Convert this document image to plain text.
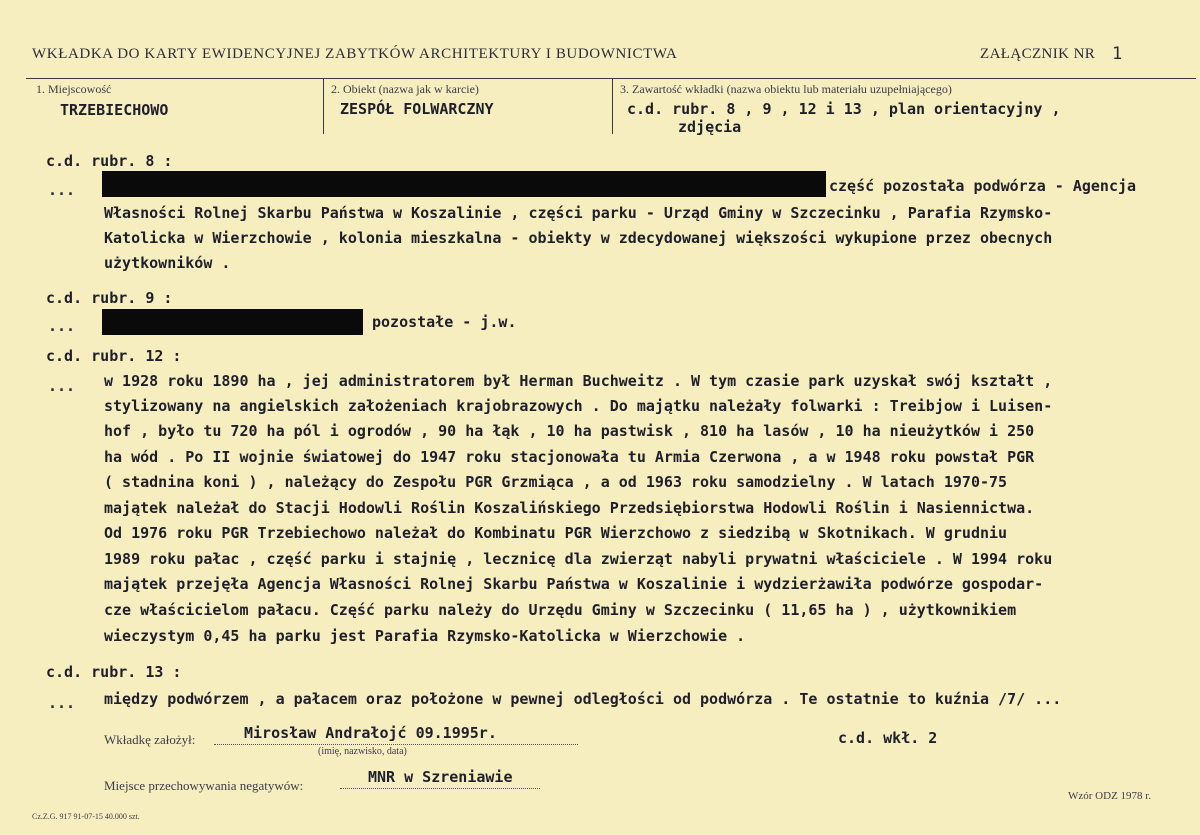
WKŁADKA DO KARTY EWIDENCYJNEJ ZABYTKÓW ARCHITEKTURY I BUDOWNICTWA	ZAŁĄCZNIK NR 1
1. Miejscowość
TRZEBIECHOWO
2. Obiekt (nazwa jak w karcie)
ZESPÓŁ FOLWARCZNY
3. Zawartość wkładki (nazwa obiektu lub materiału uzupełniającego)
c.d. rubr. 8 , 9 , 12 i 13 , plan orientacyjny ,
zdjęcia
c.d. rubr. 8 :
...	część pozostała podwórza - Agencja
Własności Rolnej Skarbu Państwa w Koszalinie , części parku - Urząd Gminy w Szczecinku , Parafia Rzymsko-
Katolicka w Wierzchowie , kolonia mieszkalna - obiekty w zdecydowanej większości wykupione przez obecnych
użytkowników .
c.d. rubr. 9 :
...	pozostałe - j.w.
c.d. rubr. 12 :
... w 1928 roku 1890 ha , jej administratorem był Herman Buchweitz . W tym czasie park uzyskał swój kształt ,
stylizowany na angielskich założeniach krajobrazowych . Do majątku należały folwarki : Treibjow i Luisen-
hof , było tu 720 ha pól i ogrodów , 90 ha łąk , 10 ha pastwisk , 810 ha lasów , 10 ha nieużytków i 250
ha wód . Po II wojnie światowej do 1947 roku stacjonowała tu Armia Czerwona , a w 1948 roku powstał PGR
( stadnina koni ) , należący do Zespołu PGR Grzmiąca , a od 1963 roku samodzielny . W latach 1970-75
majątek należał do Stacji Hodowli Roślin Koszalińskiego Przedsiębiorstwa Hodowli Roślin i Nasiennictwa.
Od 1976 roku PGR Trzebiechowo należał do Kombinatu PGR Wierzchowo z siedzibą w Skotnikach. W grudniu
1989 roku pałac , część parku i stajnię , lecznicę dla zwierząt nabyli prywatni właściciele . W 1994 roku
majątek przejęła Agencja Własności Rolnej Skarbu Państwa w Koszalinie i wydzierżawiła podwórze gospodar-
cze właścicielom pałacu. Część parku należy do Urzędu Gminy w Szczecinku ( 11,65 ha ) , użytkownikiem
wieczystym 0,45 ha parku jest Parafia Rzymsko-Katolicka w Wierzchowie .
c.d. rubr. 13 :
... między podwórzem , a pałacem oraz położone w pewnej odległości od podwórza . Te ostatnie to kuźnia /7/ ...
Wkładkę założył:	Mirosław Andrałojć 09.1995r.
(imię, nazwisko, data)
c.d. wkł. 2
Miejsce przechowywania negatywów:	MNR w Szreniawie
Cz.Z.G. 917 91-07-15 40.000 szt.
Wzór ODZ 1978 r.
